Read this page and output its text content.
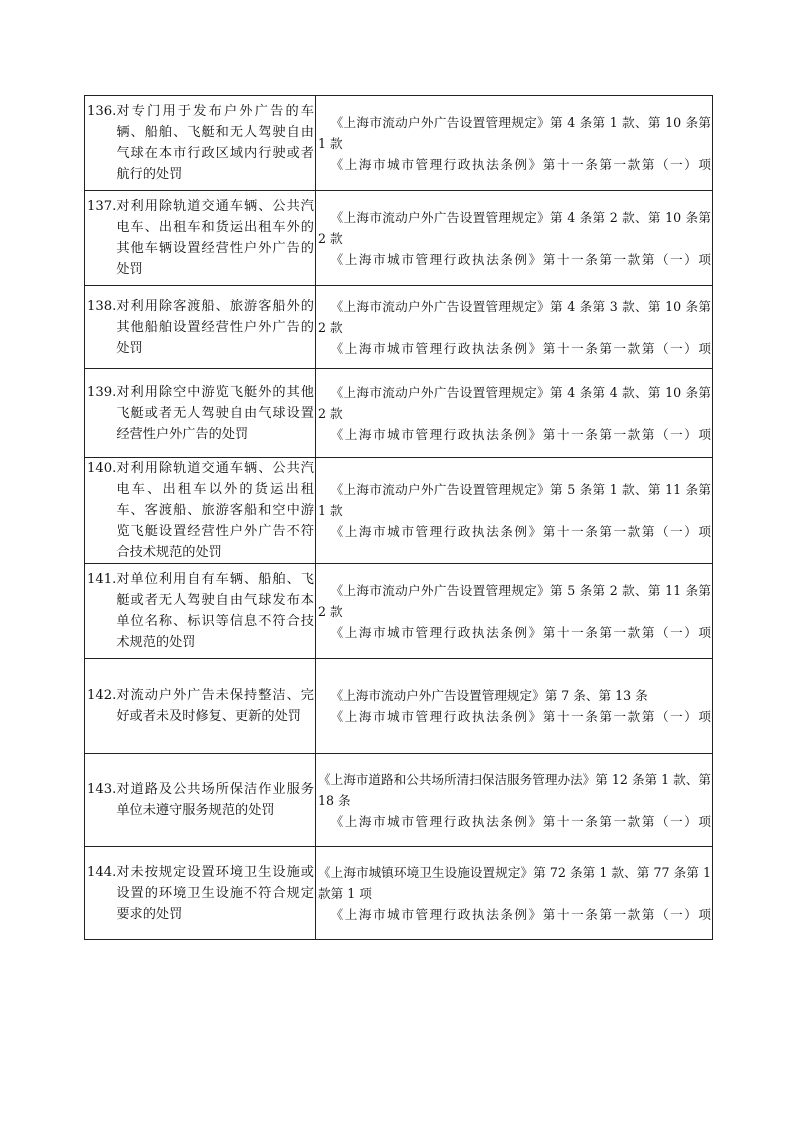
136. 对专门用于发布户外广告的车辆、船舶、飞艇和无人驾驶自由气球在本市行政区域内行驶或者航行的处罚	《上海市流动户外广告设置管理规定》第 4 条第 1 款、第 10 条第 1 款
《上海市城市管理行政执法条例》第十一条第一款第（一）项

137. 对利用除轨道交通车辆、公共汽电车、出租车和货运出租车外的其他车辆设置经营性户外广告的处罚	《上海市流动户外广告设置管理规定》第 4 条第 2 款、第 10 条第 2 款
《上海市城市管理行政执法条例》第十一条第一款第（一）项

138. 对利用除客渡船、旅游客船外的其他船舶设置经营性户外广告的处罚	《上海市流动户外广告设置管理规定》第 4 条第 3 款、第 10 条第 2 款
《上海市城市管理行政执法条例》第十一条第一款第（一）项

139. 对利用除空中游览飞艇外的其他飞艇或者无人驾驶自由气球设置经营性户外广告的处罚	《上海市流动户外广告设置管理规定》第 4 条第 4 款、第 10 条第 2 款
《上海市城市管理行政执法条例》第十一条第一款第（一）项

140. 对利用除轨道交通车辆、公共汽电车、出租车以外的货运出租车、客渡船、旅游客船和空中游览飞艇设置经营性户外广告不符合技术规范的处罚	《上海市流动户外广告设置管理规定》第 5 条第 1 款、第 11 条第 1 款
《上海市城市管理行政执法条例》第十一条第一款第（一）项

141. 对单位利用自有车辆、船舶、飞艇或者无人驾驶自由气球发布本单位名称、标识等信息不符合技术规范的处罚	《上海市流动户外广告设置管理规定》第 5 条第 2 款、第 11 条第 2 款
《上海市城市管理行政执法条例》第十一条第一款第（一）项

142. 对流动户外广告未保持整洁、完好或者未及时修复、更新的处罚	《上海市流动户外广告设置管理规定》第 7 条、第 13 条
《上海市城市管理行政执法条例》第十一条第一款第（一）项

143. 对道路及公共场所保洁作业服务单位未遵守服务规范的处罚	《上海市道路和公共场所清扫保洁服务管理办法》第 12 条第 1 款、第 18 条
《上海市城市管理行政执法条例》第十一条第一款第（一）项

144. 对未按规定设置环境卫生设施或设置的环境卫生设施不符合规定要求的处罚	《上海市城镇环境卫生设施设置规定》第 72 条第 1 款、第 77 条第 1 款第 1 项
《上海市城市管理行政执法条例》第十一条第一款第（一）项
